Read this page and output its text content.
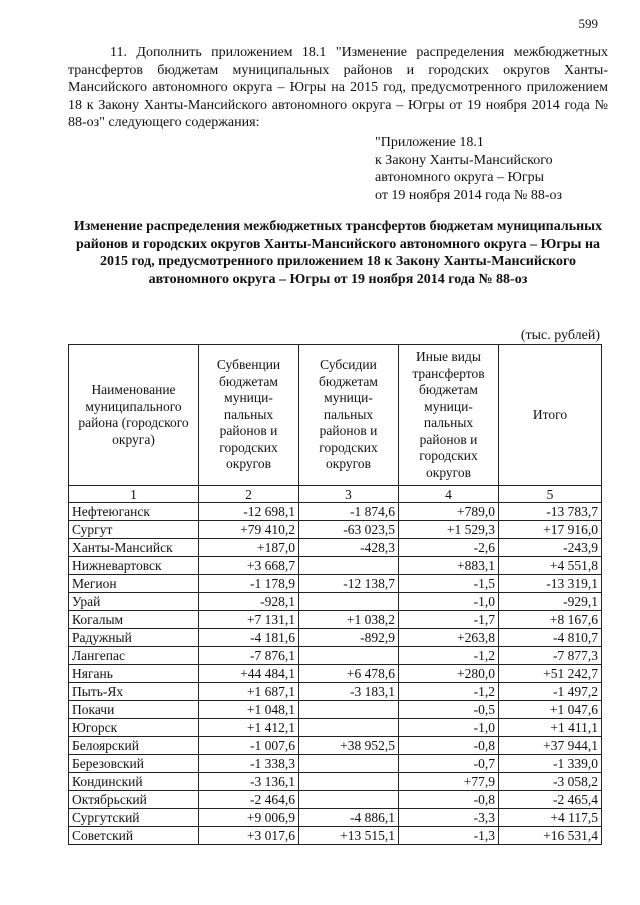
599

11. Дополнить приложением 18.1 "Изменение распределения межбюджетных трансфертов бюджетам муниципальных районов и городских округов Ханты-Мансийского автономного округа – Югры на 2015 год, предусмотренного приложением 18 к Закону Ханты-Мансийского автономного округа – Югры от 19 ноября 2014 года № 88-оз" следующего содержания:

"Приложение 18.1
к Закону Ханты-Мансийского
автономного округа – Югры
от 19 ноября 2014 года № 88-оз

Изменение распределения межбюджетных трансфертов бюджетам муниципальных районов и городских округов Ханты-Мансийского автономного округа – Югры на 2015 год, предусмотренного приложением 18 к Закону Ханты-Мансийского автономного округа – Югры от 19 ноября 2014 года № 88-оз

(тыс. рублей)
Наименование муниципального района (городского округа)	Субвенции бюджетам муници-пальных районов и городских округов	Субсидии бюджетам муници-пальных районов и городских округов	Иные виды трансфертов бюджетам муници-пальных районов и городских округов	Итого
1	2	3	4	5
Нефтеюганск	-12 698,1	-1 874,6	+789,0	-13 783,7
Сургут	+79 410,2	-63 023,5	+1 529,3	+17 916,0
Ханты-Мансийск	+187,0	-428,3	-2,6	-243,9
Нижневартовск	+3 668,7		+883,1	+4 551,8
Мегион	-1 178,9	-12 138,7	-1,5	-13 319,1
Урай	-928,1		-1,0	-929,1
Когалым	+7 131,1	+1 038,2	-1,7	+8 167,6
Радужный	-4 181,6	-892,9	+263,8	-4 810,7
Лангепас	-7 876,1		-1,2	-7 877,3
Нягань	+44 484,1	+6 478,6	+280,0	+51 242,7
Пыть-Ях	+1 687,1	-3 183,1	-1,2	-1 497,2
Покачи	+1 048,1		-0,5	+1 047,6
Югорск	+1 412,1		-1,0	+1 411,1
Белоярский	-1 007,6	+38 952,5	-0,8	+37 944,1
Березовский	-1 338,3		-0,7	-1 339,0
Кондинский	-3 136,1		+77,9	-3 058,2
Октябрьский	-2 464,6		-0,8	-2 465,4
Сургутский	+9 006,9	-4 886,1	-3,3	+4 117,5
Советский	+3 017,6	+13 515,1	-1,3	+16 531,4
